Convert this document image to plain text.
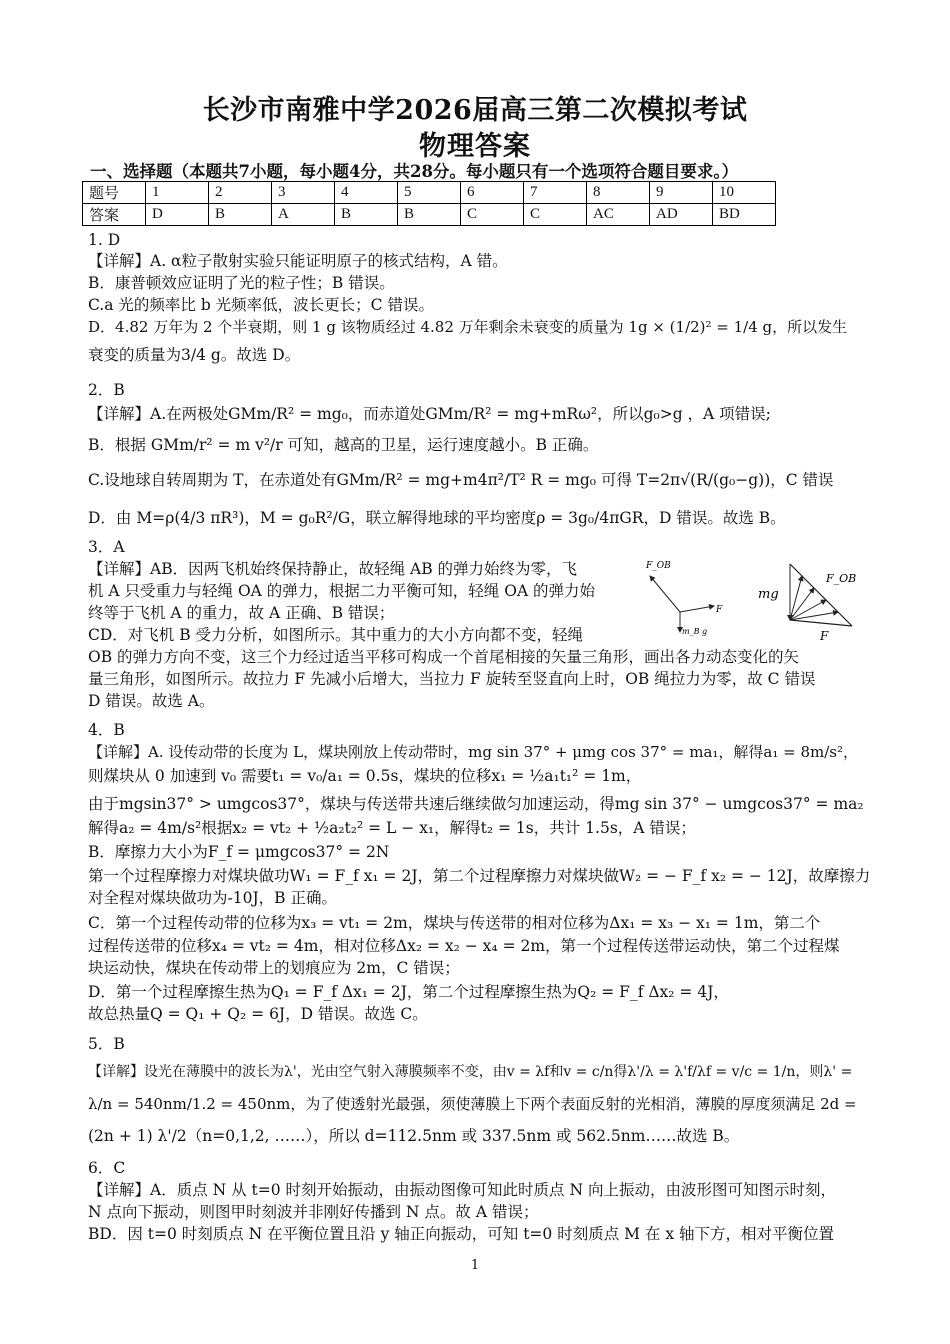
长沙市南雅中学2026届高三第二次模拟考试
物理答案
一、选择题（本题共7小题，每小题4分，共28分。每小题只有一个选项符合题目要求。）
题号	1	2	3	4	5	6	7	8	9	10
答案	D	B	A	B	B	C	C	AC	AD	BD
1. D
【详解】A. α粒子散射实验只能证明原子的核式结构，A 错。
B．康普顿效应证明了光的粒子性；B 错误。
C.a 光的频率比 b 光频率低，波长更长；C 错误。
D．4.82 万年为 2 个半衰期，则 1 g 该物质经过 4.82 万年剩余未衰变的质量为 1g × (1/2)² = 1/4 g，所以发生
衰变的质量为3/4 g。故选 D。
2．B
【详解】A.在两极处GMm/R² = mg₀，而赤道处GMm/R² = mg+mRω²，所以g₀>g ，A 项错误;
B．根据 GMm/r² = m v²/r 可知，越高的卫星，运行速度越小。B 正确。
C.设地球自转周期为 T，在赤道处有GMm/R² = mg+m4π²/T² R = mg₀ 可得 T=2π√(R/(g₀−g))，C 错误
D．由 M=ρ(4/3 πR³)，M = g₀R²/G，联立解得地球的平均密度ρ = 3g₀/4πGR，D 错误。故选 B。
3．A
【详解】AB．因两飞机始终保持静止，故轻绳 AB 的弹力始终为零，飞
机 A 只受重力与轻绳 OA 的弹力，根据二力平衡可知，轻绳 OA 的弹力始
终等于飞机 A 的重力，故 A 正确、B 错误；
CD．对飞机 B 受力分析，如图所示。其中重力的大小方向都不变，轻绳
OB 的弹力方向不变，这三个力经过适当平移可构成一个首尾相接的矢量三角形，画出各力动态变化的矢
量三角形，如图所示。故拉力 F 先减小后增大，当拉力 F 旋转至竖直向上时，OB 绳拉力为零，故 C 错误
D 错误。故选 A。
4．B
【详解】A. 设传动带的长度为 L，煤块刚放上传动带时，mg sin 37° + μmg cos 37° = ma₁，解得a₁ = 8m/s²，
则煤块从 0 加速到 v₀ 需要t₁ = v₀/a₁ = 0.5s，煤块的位移x₁ = ½a₁t₁² = 1m，
由于mgsin37° > umgcos37°，煤块与传送带共速后继续做匀加速运动，得mg sin 37° − umgcos37° = ma₂
解得a₂ = 4m/s²根据x₂ = vt₂ + ½a₂t₂² = L − x₁，解得t₂ = 1s，共计 1.5s，A 错误；
B．摩擦力大小为F_f = μmgcos37° = 2N
第一个过程摩擦力对煤块做功W₁ = F_f x₁ = 2J，第二个过程摩擦力对煤块做W₂ = − F_f x₂ = − 12J，故摩擦力
对全程对煤块做功为-10J，B 正确。
C．第一个过程传动带的位移为x₃ = vt₁ = 2m，煤块与传送带的相对位移为Δx₁ = x₃ − x₁ = 1m，第二个
过程传送带的位移x₄ = vt₂ = 4m，相对位移Δx₂ = x₂ − x₄ = 2m，第一个过程传送带运动快，第二个过程煤
块运动快，煤块在传动带上的划痕应为 2m，C 错误；
D．第一个过程摩擦生热为Q₁ = F_f Δx₁ = 2J，第二个过程摩擦生热为Q₂ = F_f Δx₂ = 4J，
故总热量Q = Q₁ + Q₂ = 6J，D 错误。故选 C。
5．B
【详解】设光在薄膜中的波长为λ'，光由空气射入薄膜频率不变，由v = λf和v = c/n得λ'/λ = λ'f/λf = v/c = 1/n，则λ' =
λ/n = 540nm/1.2 = 450nm，为了使透射光最强，须使薄膜上下两个表面反射的光相消，薄膜的厚度须满足 2d =
(2n + 1) λ'/2（n=0,1,2, ……），所以 d=112.5nm 或 337.5nm 或 562.5nm……故选 B。
6．C
【详解】A．质点 N 从 t=0 时刻开始振动，由振动图像可知此时质点 N 向上振动，由波形图可知图示时刻，
N 点向下振动，则图甲时刻波并非刚好传播到 N 点。故 A 错误；
BD．因 t=0 时刻质点 N 在平衡位置且沿 y 轴正向振动，可知 t=0 时刻质点 M 在 x 轴下方，相对平衡位置
F_OB
F
m_B g
mg
F_OB
F
1
